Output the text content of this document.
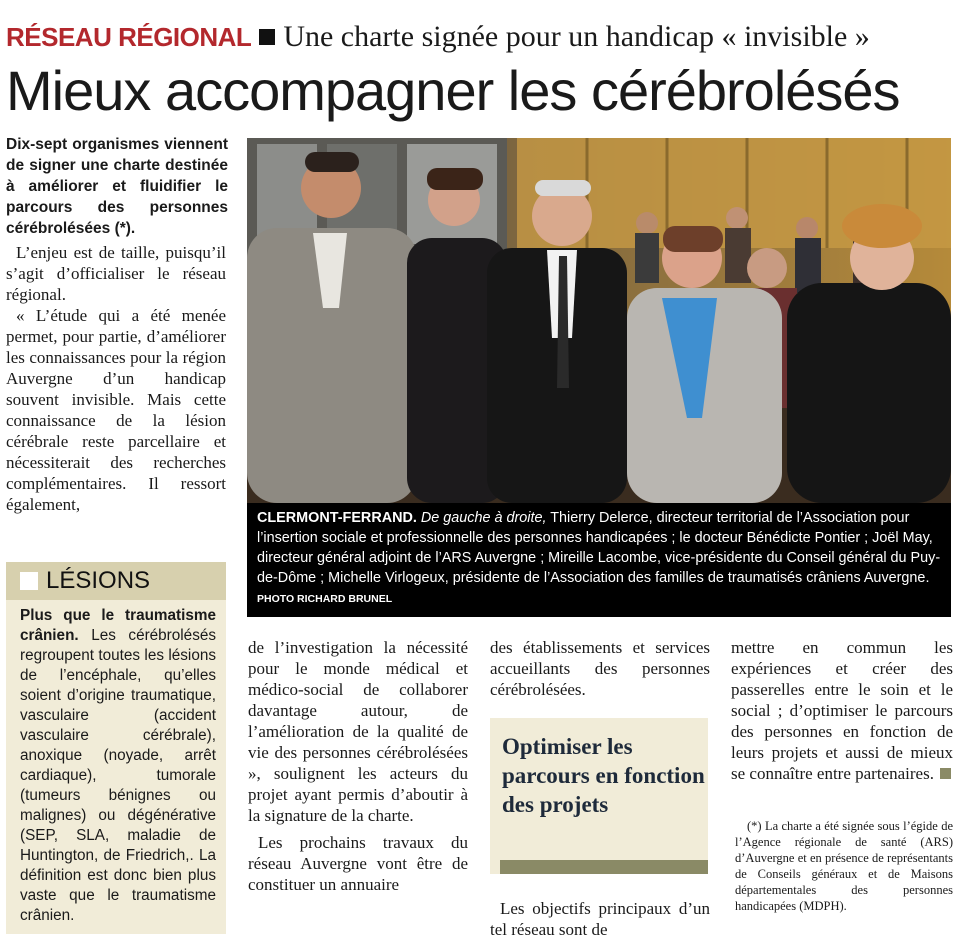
RÉSEAU RÉGIONAL Une charte signée pour un handicap « invisible »
Mieux accompagner les cérébrolésés
Dix-sept organismes viennent de signer une charte destinée à améliorer et fluidifier le parcours des personnes cérébrolésées (*).

L’enjeu est de taille, puisqu’il s’agit d’officialiser le réseau régional.

« L’étude qui a été menée permet, pour partie, d’améliorer les connaissances pour la région Auvergne d’un handicap souvent invisible. Mais cette connaissance de la lésion cérébrale reste parcellaire et nécessiterait des recherches complémentaires. Il ressort également,

LÉSIONS
Plus que le traumatisme crânien. Les cérébrolésés regroupent toutes les lésions de l’encéphale, qu’elles soient d’origine traumatique, vasculaire (accident vasculaire cérébrale), anoxique (noyade, arrêt cardiaque), tumorale (tumeurs bénignes ou malignes) ou dégénérative (SEP, SLA, maladie de Huntington, de Friedrich,. La définition est donc bien plus vaste que le traumatisme crânien.
CLERMONT-FERRAND. De gauche à droite, Thierry Delerce, directeur territorial de l’Association pour l’insertion sociale et professionnelle des personnes handicapées ; le docteur Bénédicte Pontier ; Joël May, directeur général adjoint de l’ARS Auvergne ; Mireille Lacombe, vice-présidente du Conseil général du Puy-de-Dôme ; Michelle Virlogeux, présidente de l’Association des familles de traumatisés crâniens Auvergne. PHOTO RICHARD BRUNEL

de l’investigation la nécessité pour le monde médical et médico-social de collaborer davantage autour, de l’amélioration de la qualité de vie des personnes cérébrolésées », soulignent les acteurs du projet ayant permis d’aboutir à la signature de la charte.

Les prochains travaux du réseau Auvergne vont être de constituer un annuaire

des établissements et services accueillants des personnes cérébrolésées.

Optimiser les parcours en fonction des projets

Les objectifs principaux d’un tel réseau sont de

mettre en commun les expériences et créer des passerelles entre le soin et le social ; d’optimiser le parcours des personnes en fonction de leurs projets et aussi de mieux se connaître entre partenaires.

(*) La charte a été signée sous l’égide de l’Agence régionale de santé (ARS) d’Auvergne et en présence de représentants de Conseils généraux et de Maisons départementales des personnes handicapées (MDPH).
